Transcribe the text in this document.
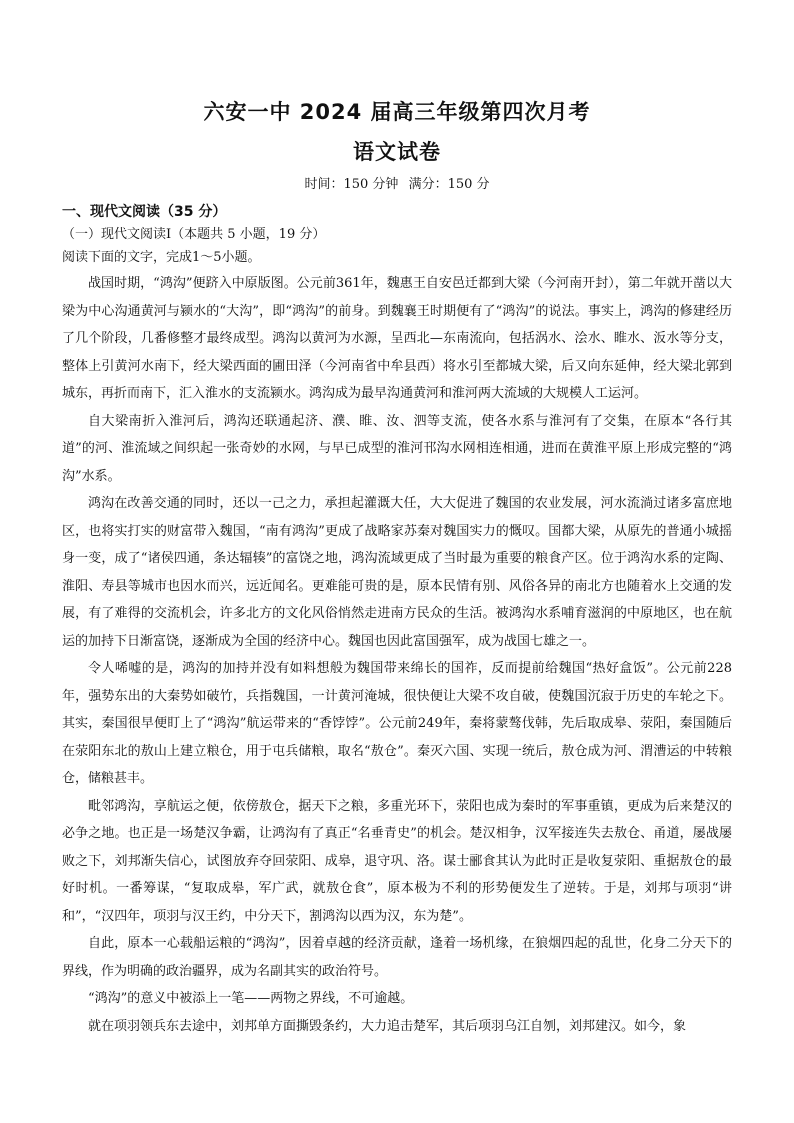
六安一中 2024 届高三年级第四次月考
语文试卷
时间：150 分钟 满分：150 分
一、现代文阅读（35 分）
（一）现代文阅读Ⅰ（本题共 5 小题，19 分）
阅读下面的文字，完成1～5小题。

战国时期，“鸿沟”便跻入中原版图。公元前361年，魏惠王自安邑迁都到大梁（今河南开封），第二年就开凿以大梁为中心沟通黄河与颍水的“大沟”，即“鸿沟”的前身。到魏襄王时期便有了“鸿沟”的说法。事实上，鸿沟的修建经历了几个阶段，几番修整才最终成型。鸿沟以黄河为水源，呈西北—东南流向，包括涡水、浍水、睢水、汳水等分支，整体上引黄河水南下，经大梁西面的圃田泽（今河南省中牟县西）将水引至都城大梁，后又向东延伸，经大梁北郭到城东，再折而南下，汇入淮水的支流颍水。鸿沟成为最早沟通黄河和淮河两大流域的大规模人工运河。

自大梁南折入淮河后，鸿沟还联通起济、濮、睢、汝、泗等支流，使各水系与淮河有了交集，在原本“各行其道”的河、淮流域之间织起一张奇妙的水网，与早已成型的淮河邗沟水网相连相通，进而在黄淮平原上形成完整的“鸿沟”水系。

鸿沟在改善交通的同时，还以一己之力，承担起灌溉大任，大大促进了魏国的农业发展，河水流淌过诸多富庶地区，也将实打实的财富带入魏国，“南有鸿沟”更成了战略家苏秦对魏国实力的慨叹。国都大梁，从原先的普通小城摇身一变，成了“诸侯四通，条达辐辏”的富饶之地，鸿沟流域更成了当时最为重要的粮食产区。位于鸿沟水系的定陶、淮阳、寿县等城市也因水而兴，远近闻名。更难能可贵的是，原本民情有别、风俗各异的南北方也随着水上交通的发展，有了难得的交流机会，许多北方的文化风俗悄然走进南方民众的生活。被鸿沟水系哺育滋润的中原地区，也在航运的加持下日渐富饶，逐渐成为全国的经济中心。魏国也因此富国强军，成为战国七雄之一。

令人唏嘘的是，鸿沟的加持并没有如料想般为魏国带来绵长的国祚，反而提前给魏国“热好盒饭”。公元前228年，强势东出的大秦势如破竹，兵指魏国，一计黄河淹城，很快便让大梁不攻自破，使魏国沉寂于历史的车轮之下。其实，秦国很早便盯上了“鸿沟”航运带来的“香饽饽”。公元前249年，秦将蒙骜伐韩，先后取成皋、荥阳，秦国随后在荥阳东北的敖山上建立粮仓，用于屯兵储粮，取名“敖仓”。秦灭六国、实现一统后，敖仓成为河、渭漕运的中转粮仓，储粮甚丰。

毗邻鸿沟，享航运之便，依傍敖仓，据天下之粮，多重光环下，荥阳也成为秦时的军事重镇，更成为后来楚汉的必争之地。也正是一场楚汉争霸，让鸿沟有了真正“名垂青史”的机会。楚汉相争，汉军接连失去敖仓、甬道，屡战屡败之下，刘邦渐失信心，试图放弃夺回荥阳、成皋，退守巩、洛。谋士郦食其认为此时正是收复荥阳、重据敖仓的最好时机。一番筹谋，“复取成皋，军广武，就敖仓食”，原本极为不利的形势便发生了逆转。于是，刘邦与项羽“讲和”，“汉四年，项羽与汉王约，中分天下，割鸿沟以西为汉，东为楚”。

自此，原本一心载船运粮的“鸿沟”，因着卓越的经济贡献，逢着一场机缘，在狼烟四起的乱世，化身二分天下的界线，作为明确的政治疆界，成为名副其实的政治符号。

“鸿沟”的意义中被添上一笔——两物之界线，不可逾越。

就在项羽领兵东去途中，刘邦单方面撕毁条约，大力追击楚军，其后项羽乌江自刎，刘邦建汉。如今，象
